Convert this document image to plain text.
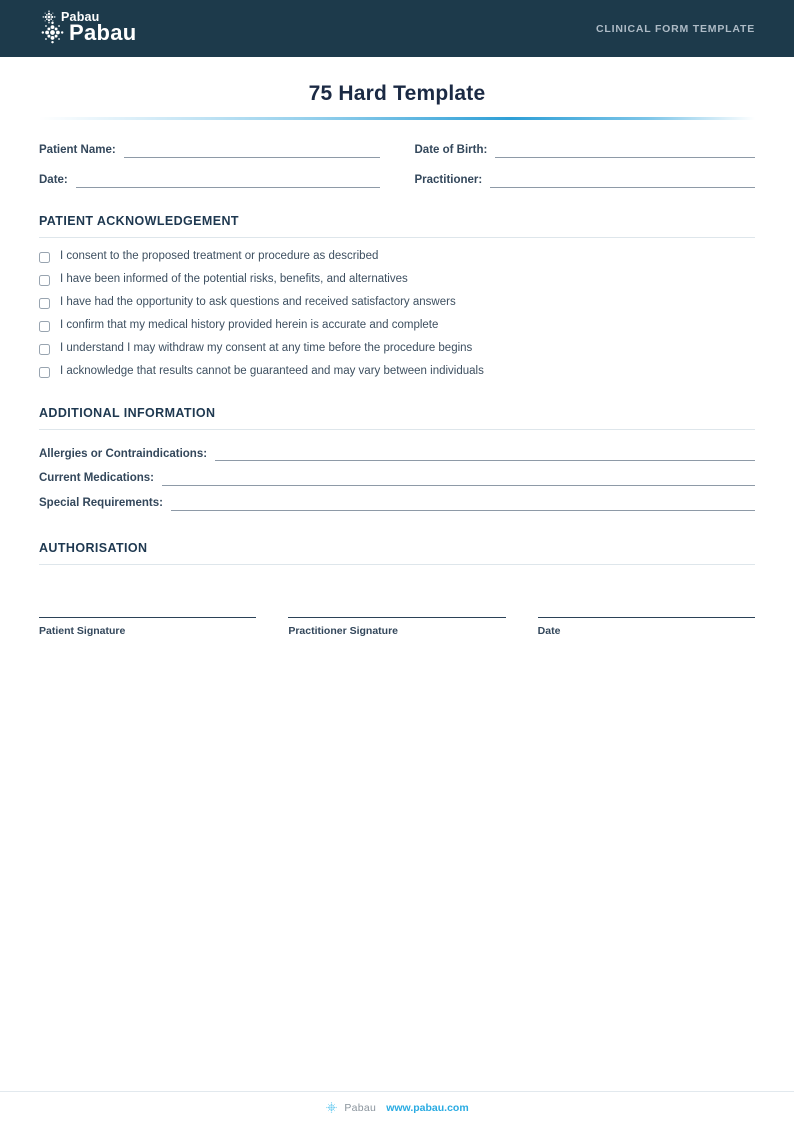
Pabau
Pabau	CLINICAL FORM TEMPLATE
75 Hard Template
Patient Name:	Date of Birth:
Date:	Practitioner:
PATIENT ACKNOWLEDGEMENT
I consent to the proposed treatment or procedure as described
I have been informed of the potential risks, benefits, and alternatives
I have had the opportunity to ask questions and received satisfactory answers
I confirm that my medical history provided herein is accurate and complete
I understand I may withdraw my consent at any time before the procedure begins
I acknowledge that results cannot be guaranteed and may vary between individuals
ADDITIONAL INFORMATION
Allergies or Contraindications:
Current Medications:
Special Requirements:
AUTHORISATION
Patient Signature	Practitioner Signature	Date
Pabau www.pabau.com
